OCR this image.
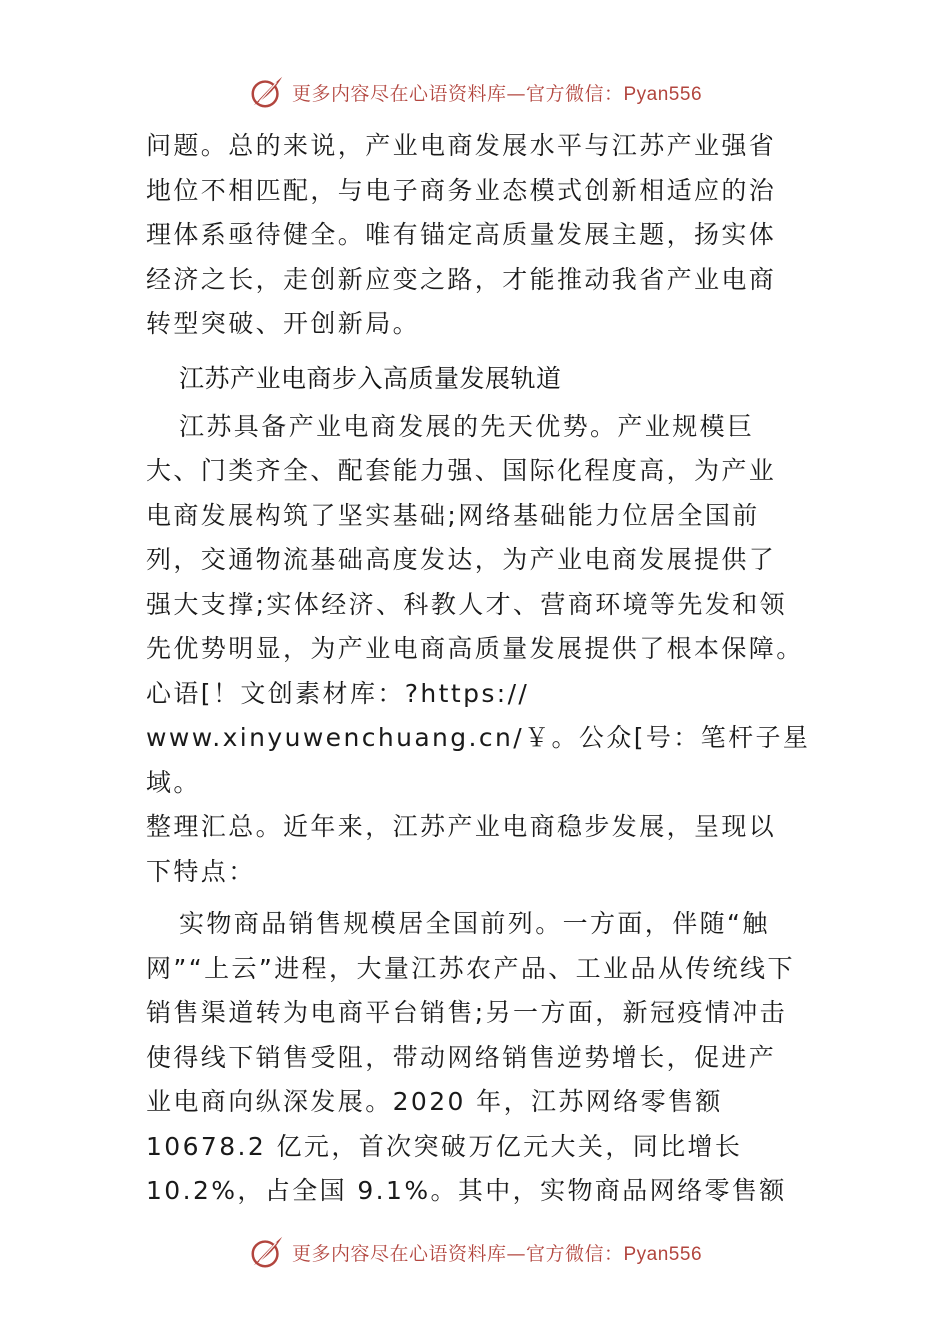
更多内容尽在心语资料库—官方微信：Pyan556

问题。总的来说，产业电商发展水平与江苏产业强省
地位不相匹配，与电子商务业态模式创新相适应的治
理体系亟待健全。唯有锚定高质量发展主题，扬实体
经济之长，走创新应变之路，才能推动我省产业电商
转型突破、开创新局。

江苏产业电商步入高质量发展轨道

江苏具备产业电商发展的先天优势。产业规模巨
大、门类齐全、配套能力强、国际化程度高，为产业
电商发展构筑了坚实基础;网络基础能力位居全国前
列，交通物流基础高度发达，为产业电商发展提供了
强大支撑;实体经济、科教人才、营商环境等先发和领
先优势明显，为产业电商高质量发展提供了根本保障。
心语[！文创素材库：?https://
www.xinyuwenchuang.cn/￥。公众[号：笔杆子星域。
整理汇总。近年来，江苏产业电商稳步发展，呈现以
下特点：

实物商品销售规模居全国前列。一方面，伴随“触
网”“上云”进程，大量江苏农产品、工业品从传统线下
销售渠道转为电商平台销售;另一方面，新冠疫情冲击
使得线下销售受阻，带动网络销售逆势增长，促进产
业电商向纵深发展。2020 年，江苏网络零售额
10678.2 亿元，首次突破万亿元大关，同比增长
10.2%，占全国 9.1%。其中，实物商品网络零售额

更多内容尽在心语资料库—官方微信：Pyan556
